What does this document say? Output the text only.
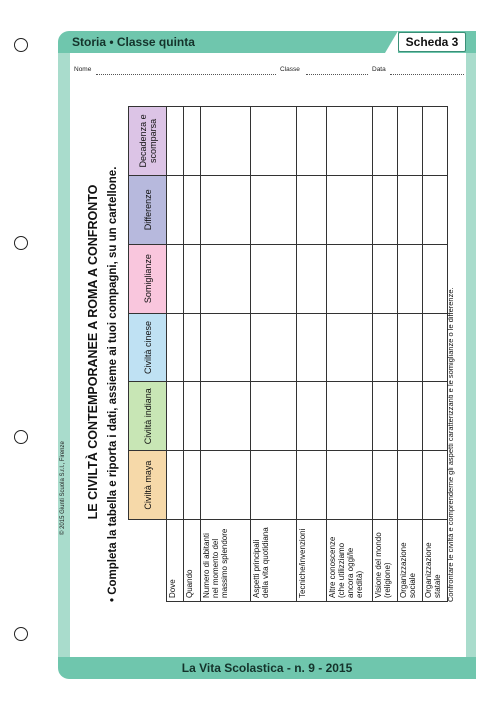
Storia • Classe quinta	Scheda 3
Nome	Classe	Data
© 2015 Giunti Scuola S.r.l., Firenze	LE CIVILTÀ CONTEMPORANEE A ROMA A CONFRONTO • Completa la tabella e riporta i dati, assieme ai tuoi compagni, su un cartellone.
		Civiltà maya	Civiltà indiana	Civiltà cinese	Somiglianze	Differenze	Decadenza e scomparsa
Dove						
Quando						
Numero di abitanti nel momento del massimo splendore						
Aspetti principali della vita quotidiana						
Tecniche/invenzioni						
Altre conoscenze (che utilizziamo ancora oggi/le eredità)						
Visione del mondo (religione)						
Organizzazione sociale						
Organizzazione statale						Confrontare le civiltà e comprenderne gli aspetti caratterizzanti e le somiglianze o le differenze.
La Vita Scolastica - n. 9 - 2015
